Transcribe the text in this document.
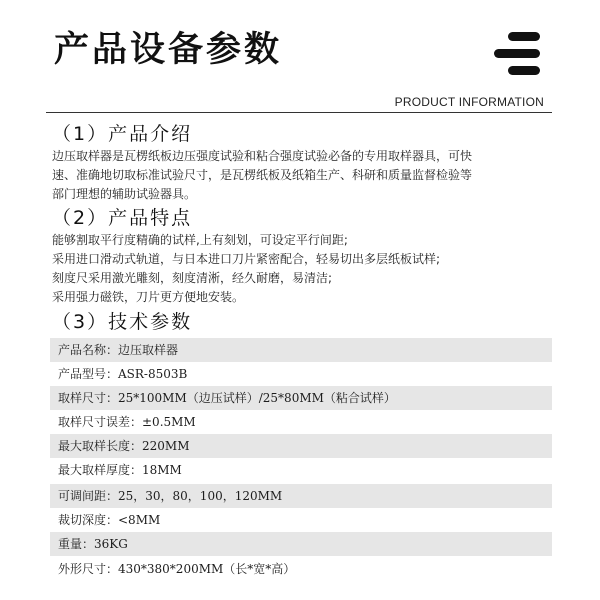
产品设备参数
PRODUCT INFORMATION
（1）产品介绍
边压取样器是瓦楞纸板边压强度试验和粘合强度试验必备的专用取样器具，可快
速、准确地切取标准试验尺寸，是瓦楞纸板及纸箱生产、科研和质量监督检验等
部门理想的辅助试验器具。
（2）产品特点
能够割取平行度精确的试样,上有刻划，可设定平行间距;
采用进口滑动式轨道，与日本进口刀片紧密配合，轻易切出多层纸板试样;
刻度尺采用激光雕刻，刻度清淅，经久耐磨，易清洁;
采用强力磁铁，刀片更方便地安装。
（3）技术参数
产品名称：边压取样器
产品型号：ASR-8503B
取样尺寸：25*100MM（边压试样）/25*80MM（粘合试样）
取样尺寸误差：±0.5MM
最大取样长度：220MM
最大取样厚度：18MM
可调间距：25，30，80，100，120MM
裁切深度：<8MM
重量：36KG
外形尺寸：430*380*200MM（长*宽*高）
